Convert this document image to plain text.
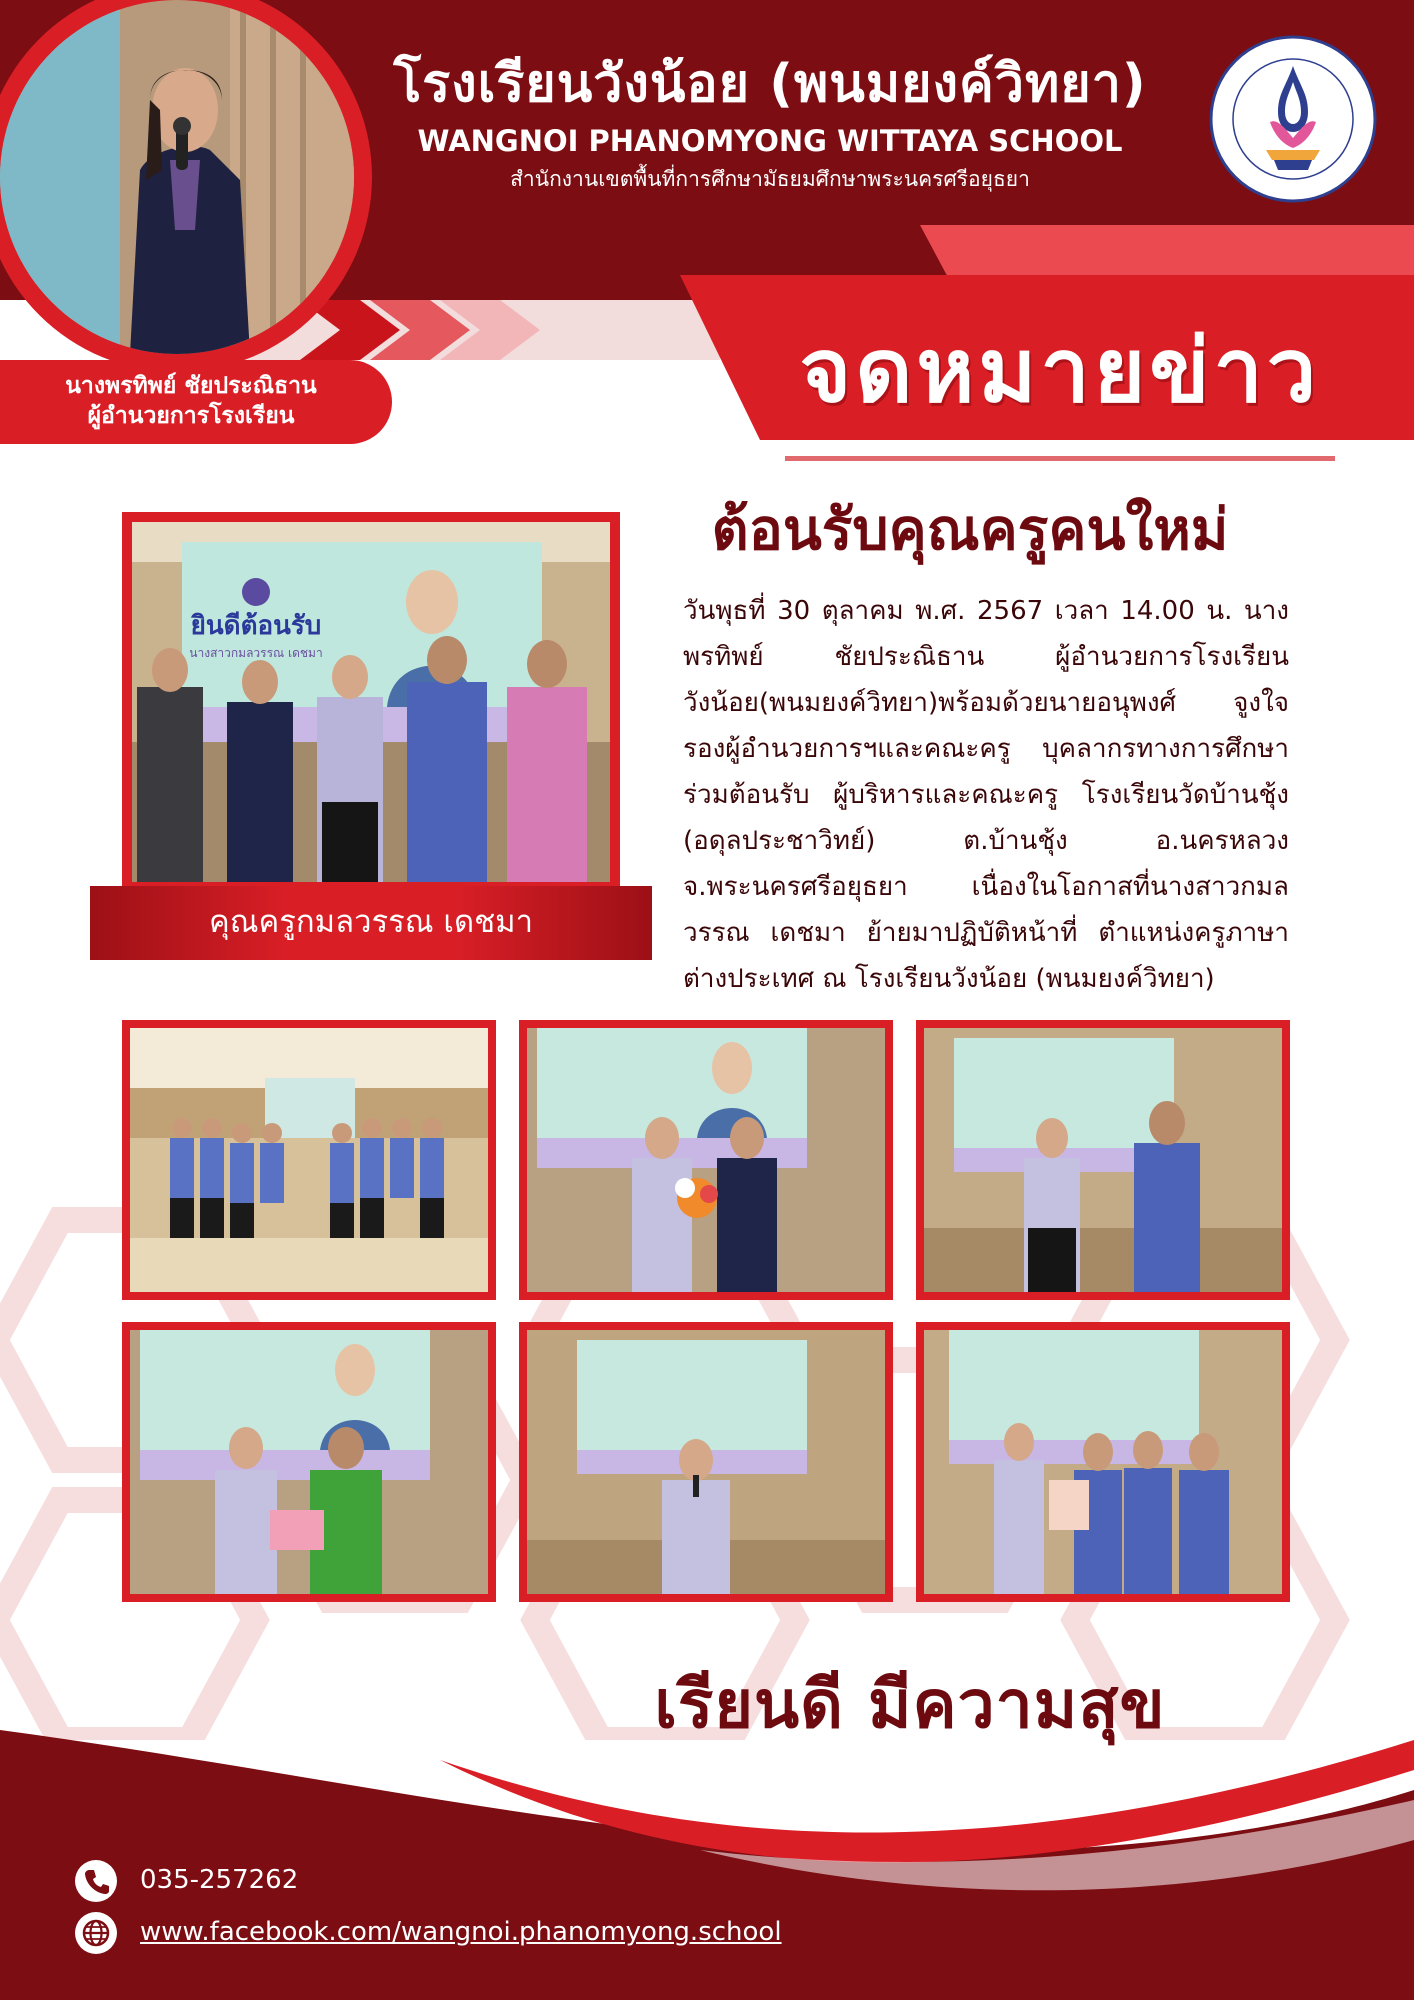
โรงเรียนวังน้อย (พนมยงค์วิทยา)
WANGNOI PHANOMYONG WITTAYA SCHOOL
สำนักงานเขตพื้นที่การศึกษามัธยมศึกษาพระนครศรีอยุธยา
นางพรทิพย์ ชัยประณิธาน
ผู้อำนวยการโรงเรียน	จดหมายข่าว
ต้อนรับคุณครูคนใหม่
วันพุธที่ 30 ตุลาคม พ.ศ. 2567 เวลา 14.00 น. นางพรทิพย์ ชัยประณิธาน ผู้อำนวยการโรงเรียนวังน้อย(พนมยงค์วิทยา)พร้อมด้วยนายอนุพงศ์ จูงใจ รองผู้อำนวยการฯและคณะครู บุคลากรทางการศึกษา ร่วมต้อนรับ ผู้บริหารและคณะครู โรงเรียนวัดบ้านชุ้ง (อดุลประชาวิทย์) ต.บ้านชุ้ง อ.นครหลวง จ.พระนครศรีอยุธยา เนื่องในโอกาสที่นางสาวกมลวรรณ เดชมา ย้ายมาปฏิบัติหน้าที่ ตำแหน่งครูภาษาต่างประเทศ ณ โรงเรียนวังน้อย (พนมยงค์วิทยา)
ยินดีต้อนรับ
นางสาวกมลวรรณ เดชมา
คุณครูกมลวรรณ เดชมา
เรียนดี มีความสุข
035-257262
www.facebook.com/wangnoi.phanomyong.school
